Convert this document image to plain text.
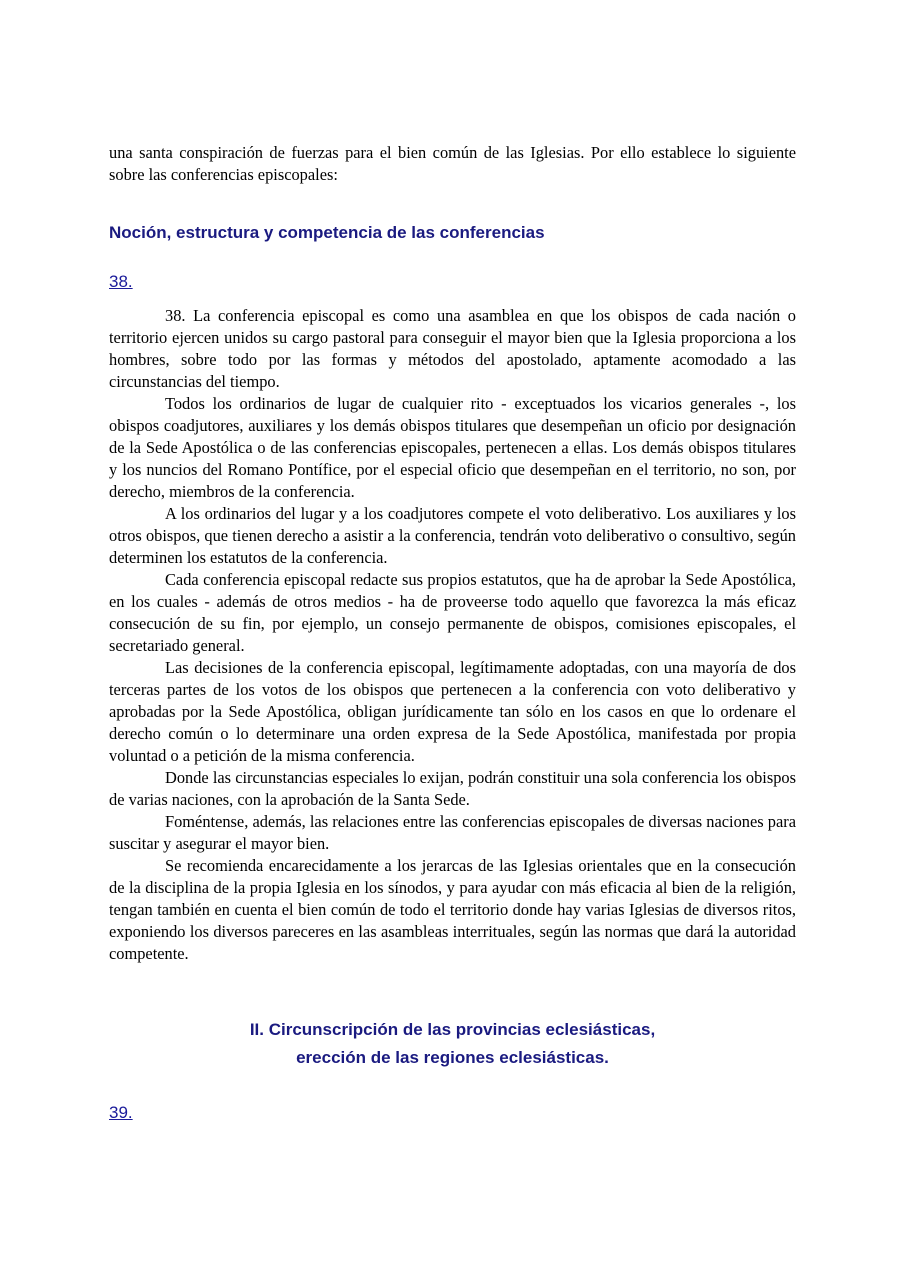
una santa conspiración de fuerzas para el bien común de las Iglesias. Por ello establece lo siguiente sobre las conferencias episcopales:

Noción, estructura y competencia de las conferencias

38.

38. La conferencia episcopal es como una asamblea en que los obispos de cada nación o territorio ejercen unidos su cargo pastoral para conseguir el mayor bien que la Iglesia proporciona a los hombres, sobre todo por las formas y métodos del apostolado, aptamente acomodado a las circunstancias del tiempo.

Todos los ordinarios de lugar de cualquier rito - exceptuados los vicarios generales -, los obispos coadjutores, auxiliares y los demás obispos titulares que desempeñan un oficio por designación de la Sede Apostólica o de las conferencias episcopales, pertenecen a ellas. Los demás obispos titulares y los nuncios del Romano Pontífice, por el especial oficio que desempeñan en el territorio, no son, por derecho, miembros de la conferencia.

A los ordinarios del lugar y a los coadjutores compete el voto deliberativo. Los auxiliares y los otros obispos, que tienen derecho a asistir a la conferencia, tendrán voto deliberativo o consultivo, según determinen los estatutos de la conferencia.

Cada conferencia episcopal redacte sus propios estatutos, que ha de aprobar la Sede Apostólica, en los cuales - además de otros medios - ha de proveerse todo aquello que favorezca la más eficaz consecución de su fin, por ejemplo, un consejo permanente de obispos, comisiones episcopales, el secretariado general.

Las decisiones de la conferencia episcopal, legítimamente adoptadas, con una mayoría de dos terceras partes de los votos de los obispos que pertenecen a la conferencia con voto deliberativo y aprobadas por la Sede Apostólica, obligan jurídicamente tan sólo en los casos en que lo ordenare el derecho común o lo determinare una orden expresa de la Sede Apostólica, manifestada por propia voluntad o a petición de la misma conferencia.

Donde las circunstancias especiales lo exijan, podrán constituir una sola conferencia los obispos de varias naciones, con la aprobación de la Santa Sede.

Foméntense, además, las relaciones entre las conferencias episcopales de diversas naciones para suscitar y asegurar el mayor bien.

Se recomienda encarecidamente a los jerarcas de las Iglesias orientales que en la consecución de la disciplina de la propia Iglesia en los sínodos, y para ayudar con más eficacia al bien de la religión, tengan también en cuenta el bien común de todo el territorio donde hay varias Iglesias de diversos ritos, exponiendo los diversos pareceres en las asambleas interrituales, según las normas que dará la autoridad competente.

II. Circunscripción de las provincias eclesiásticas,

erección de las regiones eclesiásticas.

39.
